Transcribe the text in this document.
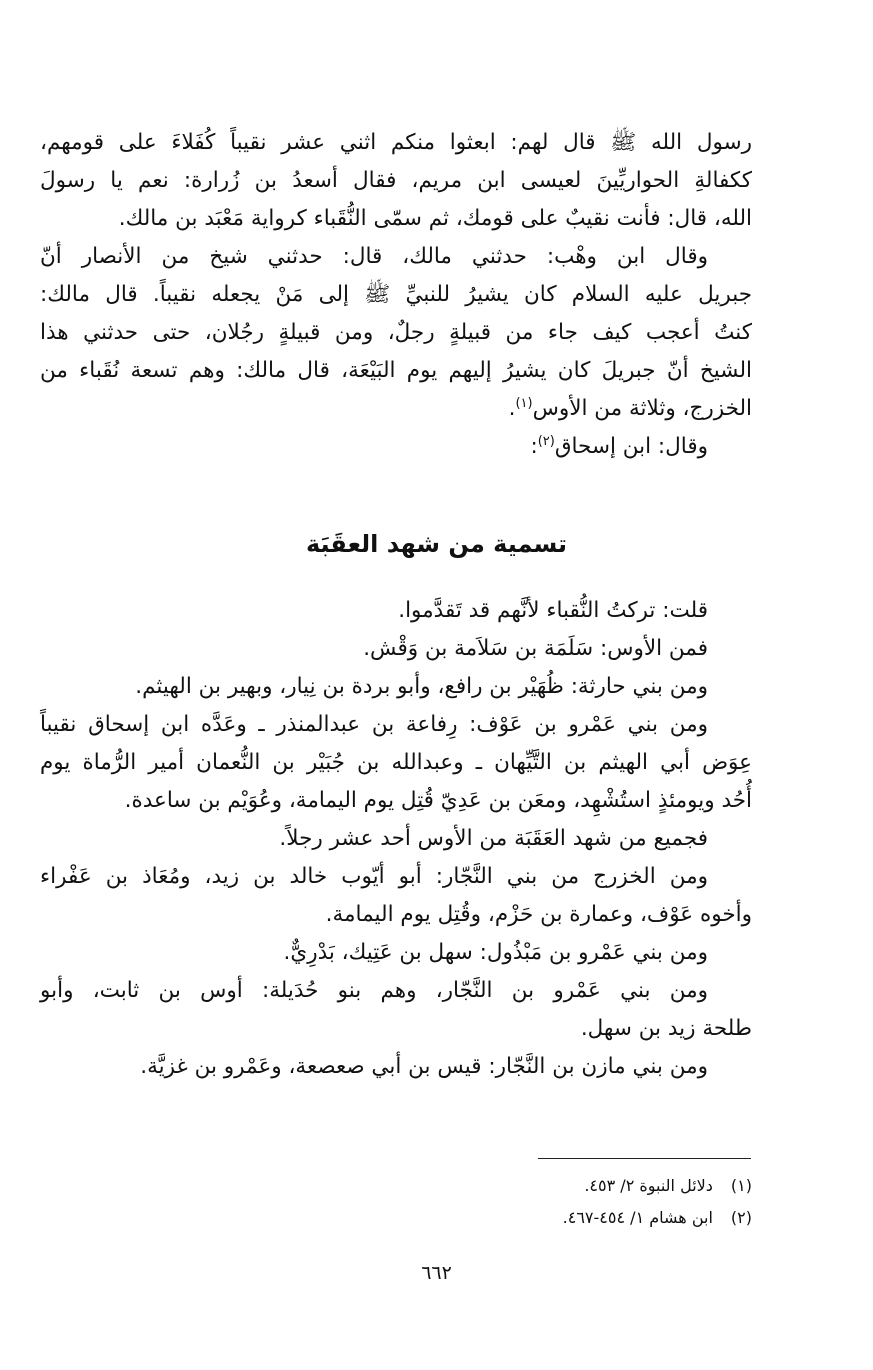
رسول الله ﷺ قال لهم: ابعثوا منكم اثني عشر نقيباً كُفَلاءَ على قومهم،
ككفالةِ الحواريِّينَ لعيسى ابن مريم، فقال أسعدُ بن زُرارة: نعم يا رسولَ
الله، قال: فأنت نقيبٌ على قومك، ثم سمّى النُّقَباء كرواية مَعْبَد بن مالك.
وقال ابن وهْب: حدثني مالك، قال: حدثني شيخ من الأنصار أنّ
جبريل عليه السلام كان يشيرُ للنبيِّ ﷺ إلى مَنْ يجعله نقيباً. قال مالك:
كنتُ أعجب كيف جاء من قبيلةٍ رجلٌ، ومن قبيلةٍ رجُلان، حتى حدثني هذا
الشيخ أنّ جبريلَ كان يشيرُ إليهم يوم البَيْعَة، قال مالك: وهم تسعة نُقَباء من
الخزرج، وثلاثة من الأوس$^{(١)}$.
وقال: ابن إسحاق$^{(٢)}$:
تسمية من شهد العقَبَة
قلت: تركتُ النُّقباء لأنَّهم قد تَقدَّموا.
فمن الأوس: سَلَمَة بن سَلاَمة بن وَقْش.
ومن بني حارثة: ظُهَيْر بن رافع، وأبو بردة بن نِيار، وبهير بن الهيثم.
ومن بني عَمْرو بن عَوْف: رِفاعة بن عبدالمنذر ـ وعَدَّه ابن إسحاق نقيباً
عِوَض أبي الهيثم بن التَّيِّهان ـ وعبدالله بن جُبَيْر بن النُّعمان أمير الرُّماة يوم
أُحُد ويومئذٍ استُشْهِد، ومعَن بن عَدِيّ قُتِل يوم اليمامة، وعُوَيْم بن ساعدة.
فجميع من شهد العَقَبَة من الأوس أحد عشر رجلاً.
ومن الخزرج من بني النَّجّار: أبو أيّوب خالد بن زيد، ومُعَاذ بن عَفْراء
وأخوه عَوْف، وعمارة بن حَزْم، وقُتِل يوم اليمامة.
ومن بني عَمْرو بن مَبْذُول: سهل بن عَتِيك، بَدْرِيٌّ.
ومن بني عَمْرو بن النَّجّار، وهم بنو حُدَيلة: أوس بن ثابت، وأبو
طلحة زيد بن سهل.
ومن بني مازن بن النَّجّار: قيس بن أبي صعصعة، وعَمْرو بن غزيَّة.
(١) دلائل النبوة ٢/ ٤٥٣.
(٢) ابن هشام ١/ ٤٥٤-٤٦٧.
٦٦٢
